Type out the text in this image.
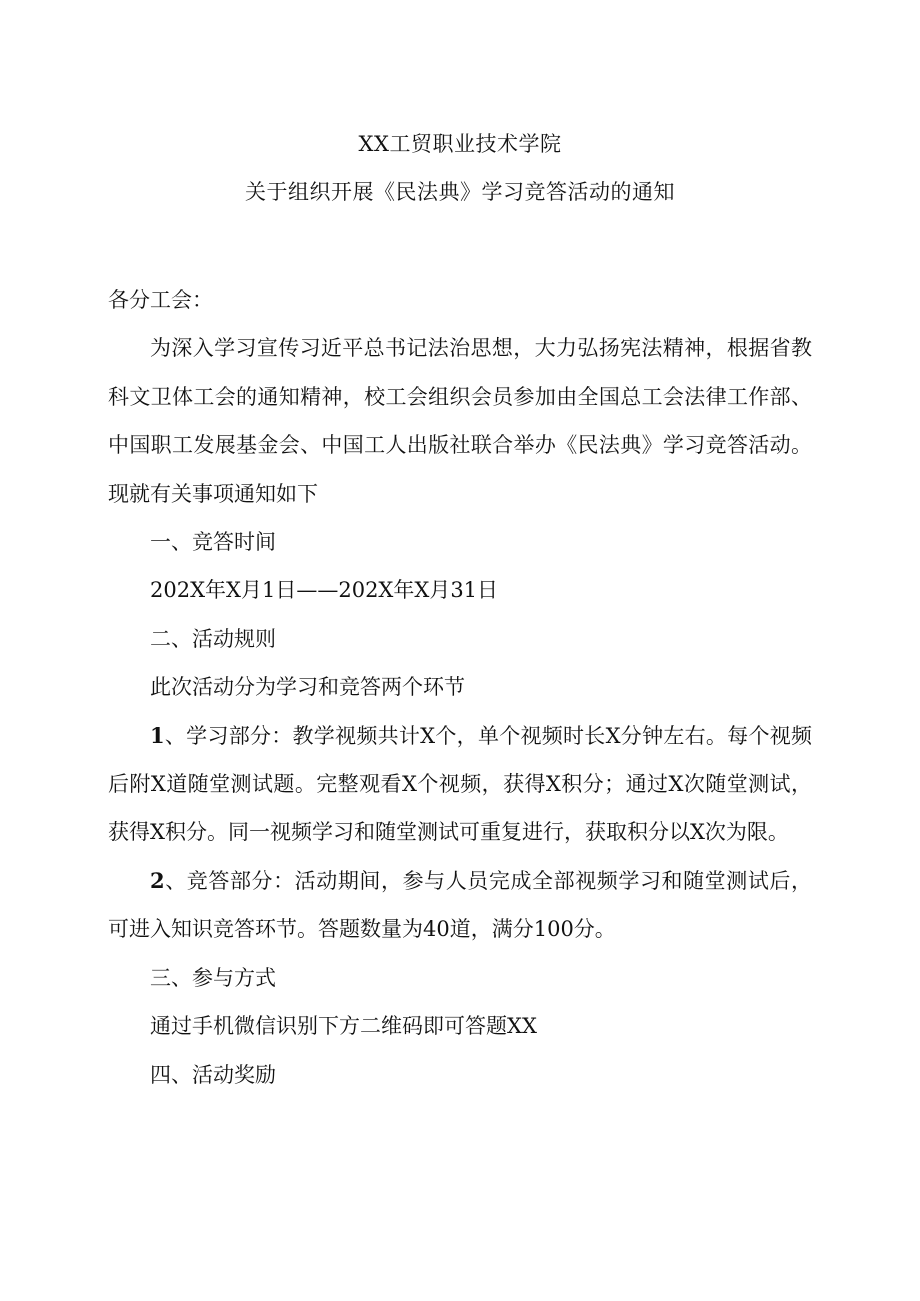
XX工贸职业技术学院
关于组织开展《民法典》学习竞答活动的通知

各分工会：

为深入学习宣传习近平总书记法治思想，大力弘扬宪法精神，根据省教科文卫体工会的通知精神，校工会组织会员参加由全国总工会法律工作部、中国职工发展基金会、中国工人出版社联合举办《民法典》学习竞答活动。现就有关事项通知如下

一、竞答时间

202X年X月1日——202X年X月31日

二、活动规则

此次活动分为学习和竞答两个环节

1、学习部分：教学视频共计X个，单个视频时长X分钟左右。每个视频后附X道随堂测试题。完整观看X个视频，获得X积分；通过X次随堂测试，获得X积分。同一视频学习和随堂测试可重复进行，获取积分以X次为限。

2、竞答部分：活动期间，参与人员完成全部视频学习和随堂测试后，可进入知识竞答环节。答题数量为40道，满分100分。

三、参与方式

通过手机微信识别下方二维码即可答题XX

四、活动奖励
